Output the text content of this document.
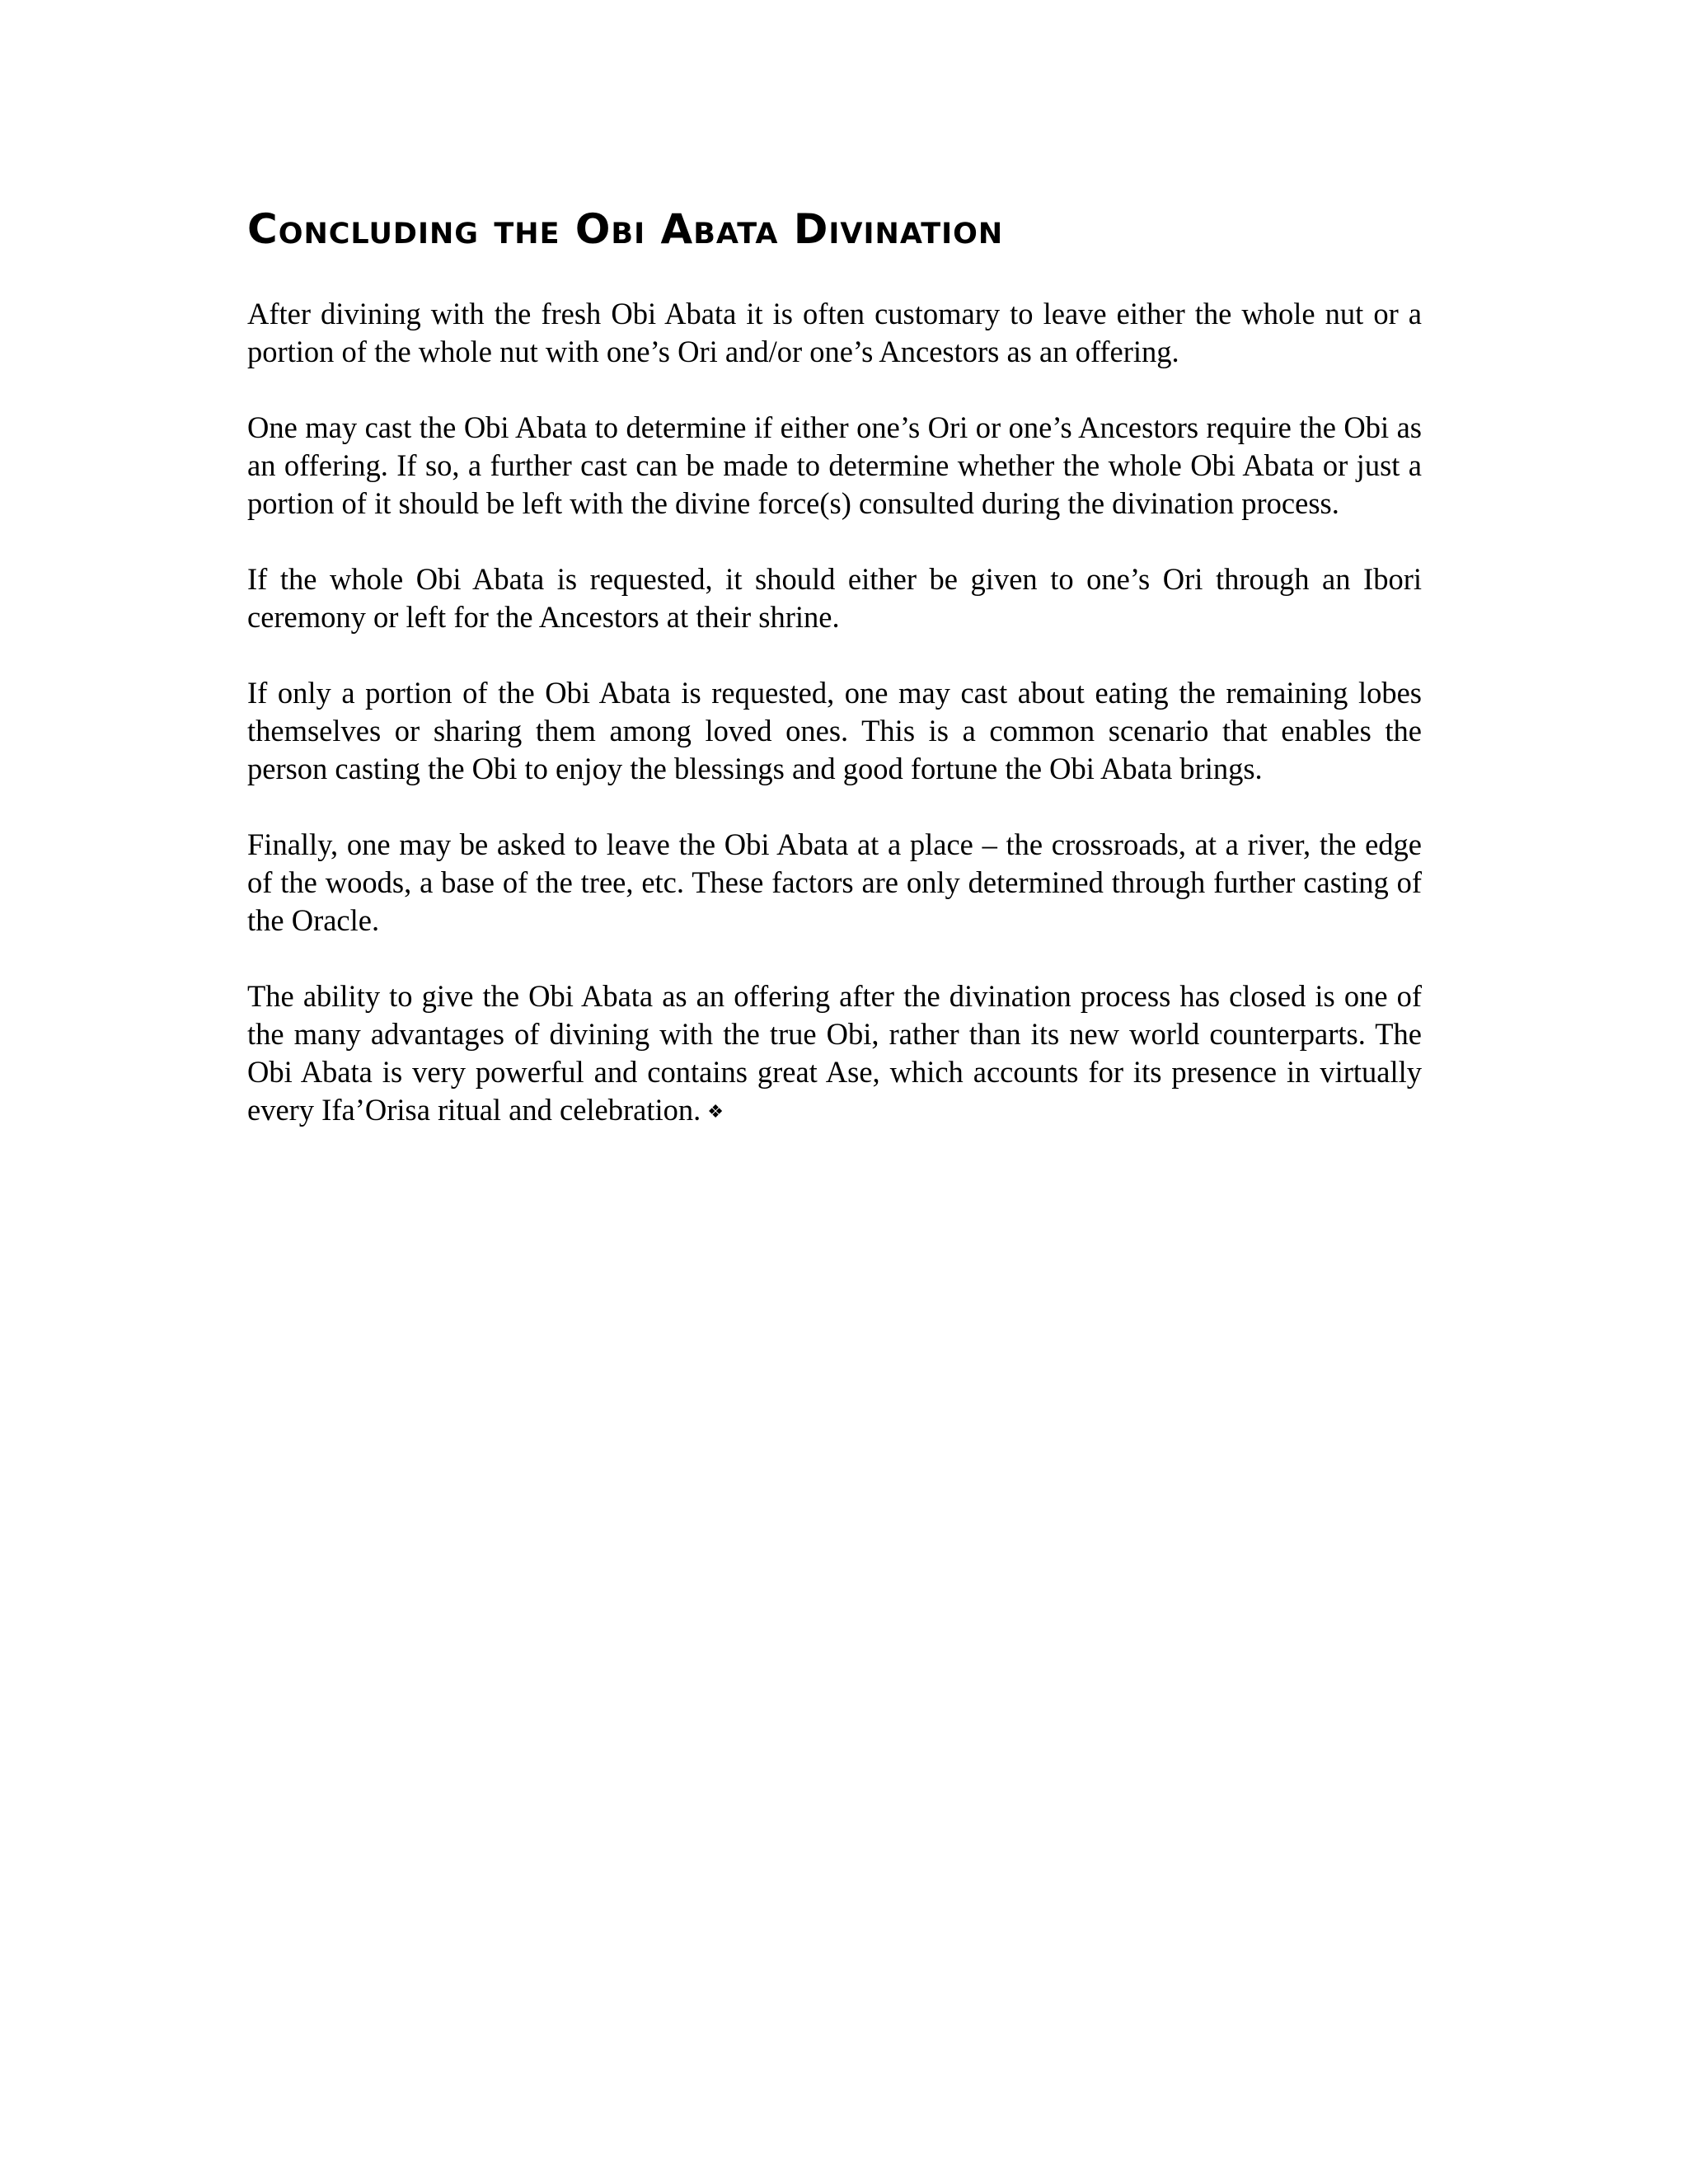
Concluding the Obi Abata Divination

After divining with the fresh Obi Abata it is often customary to leave either the whole nut or a portion of the whole nut with one’s Ori and/or one’s Ancestors as an offering.

One may cast the Obi Abata to determine if either one’s Ori or one’s Ancestors require the Obi as an offering. If so, a further cast can be made to determine whether the whole Obi Abata or just a portion of it should be left with the divine force(s) consulted during the divination process.

If the whole Obi Abata is requested, it should either be given to one’s Ori through an Ibori ceremony or left for the Ancestors at their shrine.

If only a portion of the Obi Abata is requested, one may cast about eating the remaining lobes themselves or sharing them among loved ones. This is a common scenario that enables the person casting the Obi to enjoy the blessings and good fortune the Obi Abata brings.

Finally, one may be asked to leave the Obi Abata at a place – the crossroads, at a river, the edge of the woods, a base of the tree, etc. These factors are only determined through further casting of the Oracle.

The ability to give the Obi Abata as an offering after the divination process has closed is one of the many advantages of divining with the true Obi, rather than its new world counterparts. The Obi Abata is very powerful and contains great Ase, which accounts for its presence in virtually every Ifa’Orisa ritual and celebration. ❖
